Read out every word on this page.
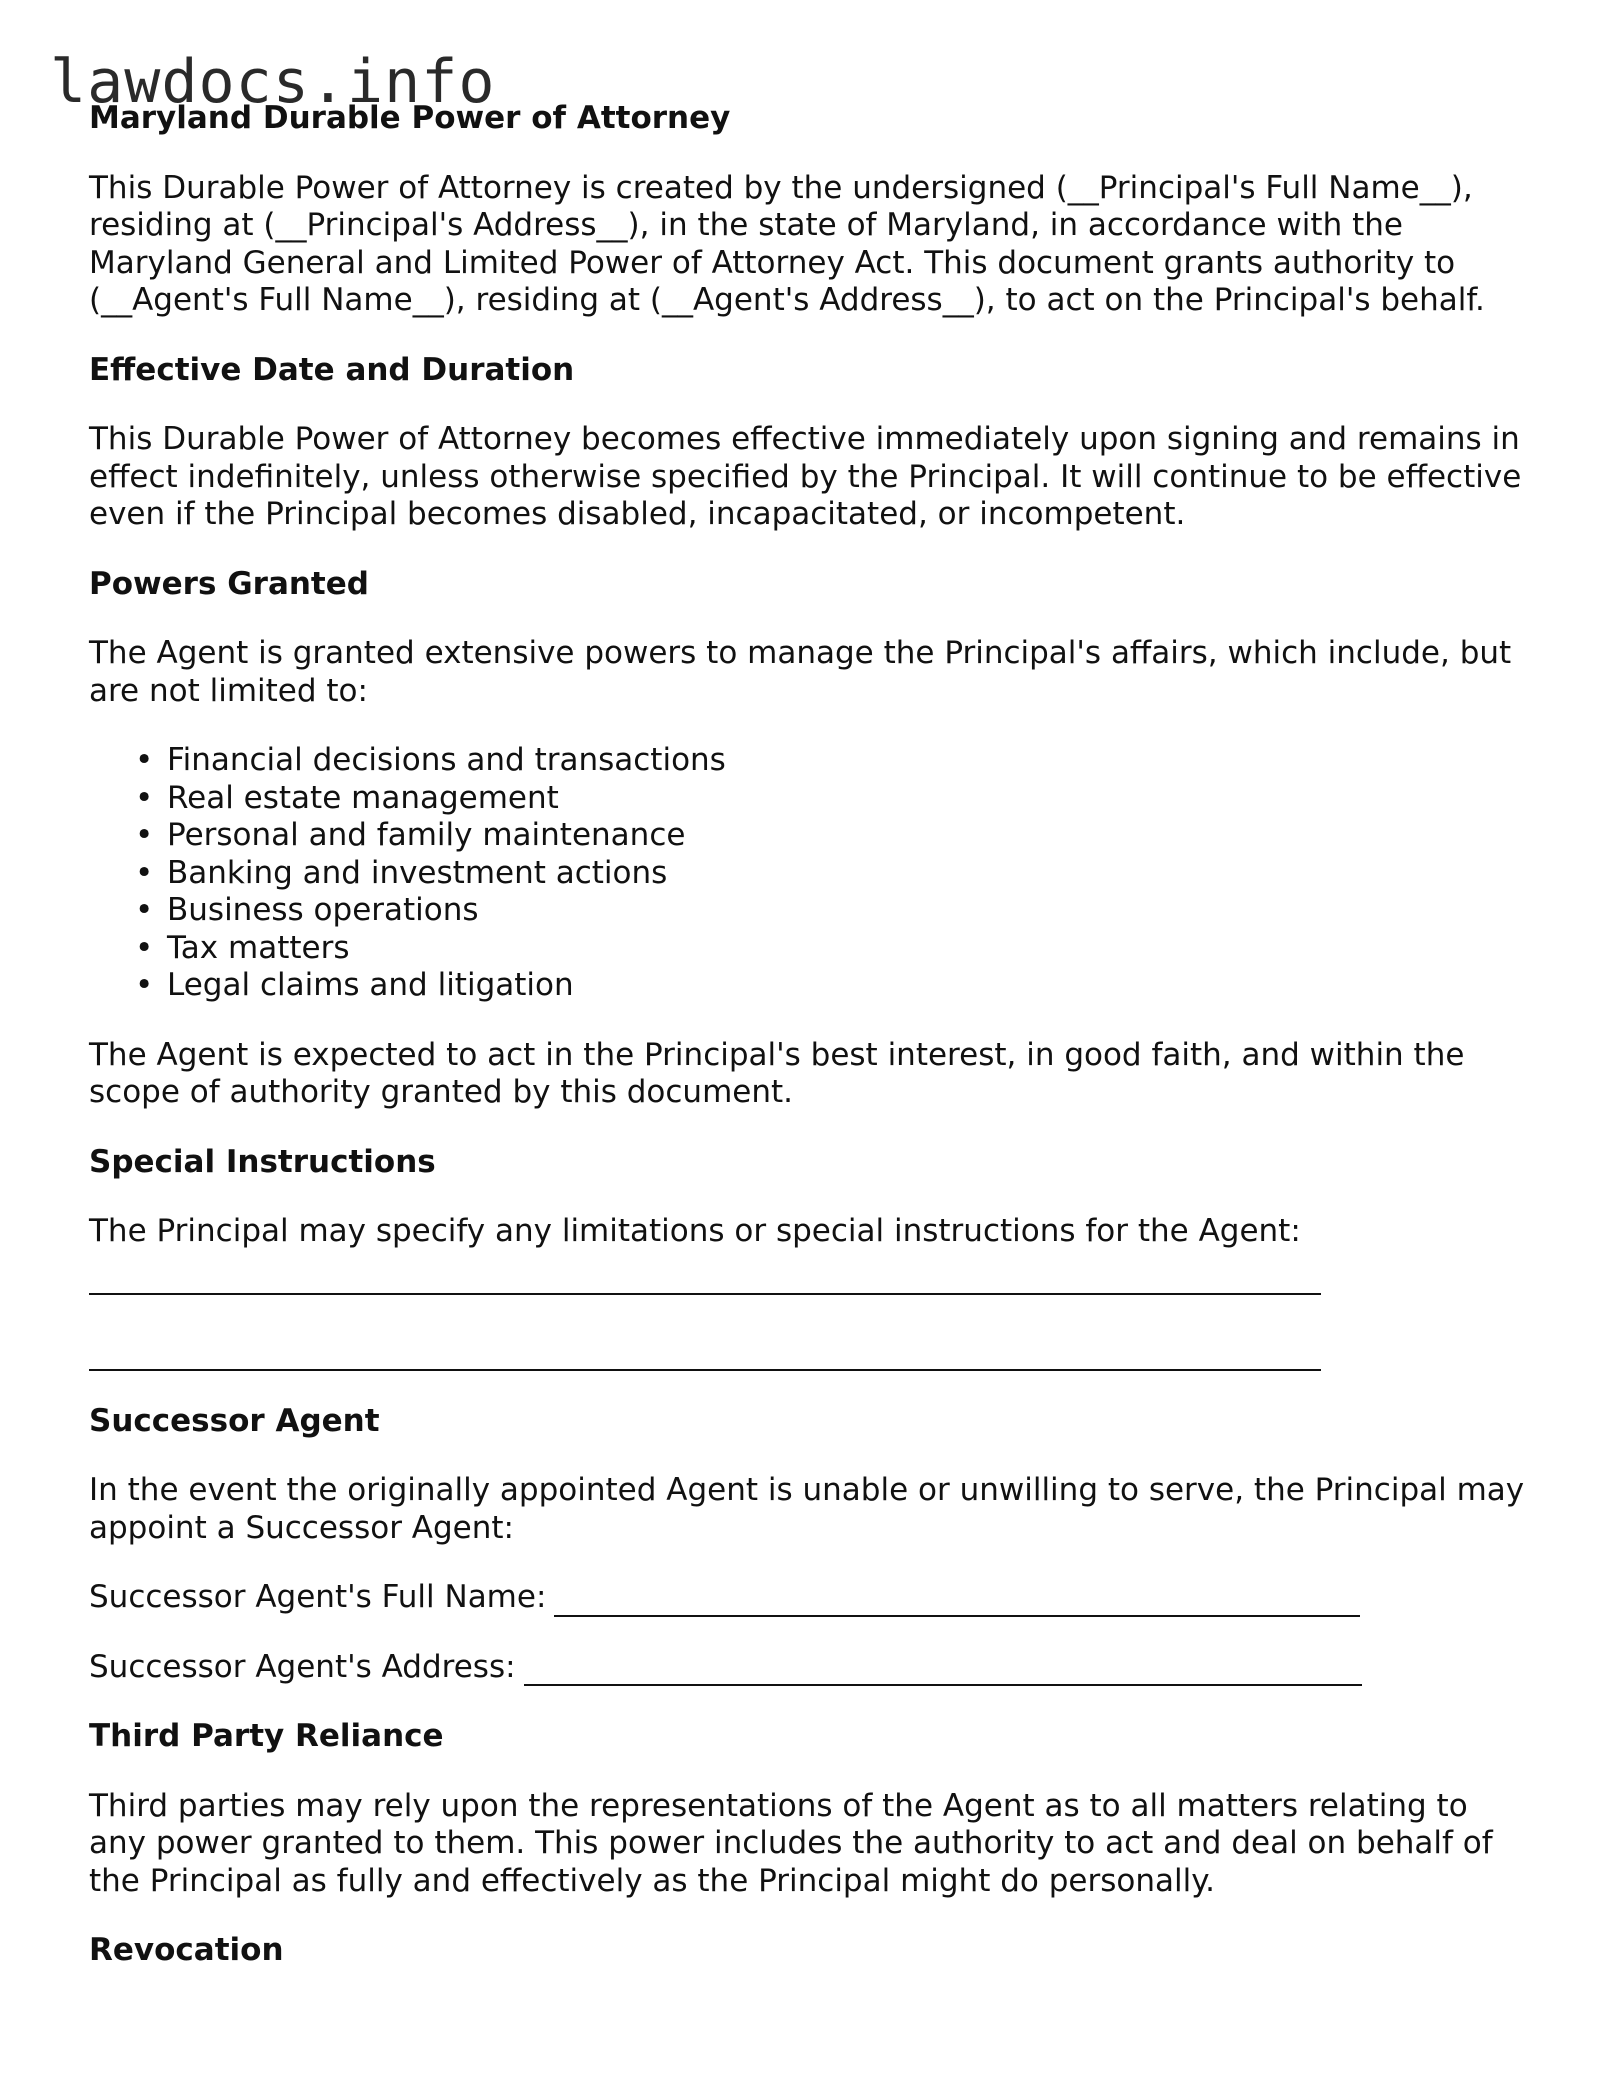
lawdocs.info
Maryland Durable Power of Attorney

This Durable Power of Attorney is created by the undersigned (__Principal's Full Name__), residing at (__Principal's Address__), in the state of Maryland, in accordance with the Maryland General and Limited Power of Attorney Act. This document grants authority to (__Agent's Full Name__), residing at (__Agent's Address__), to act on the Principal's behalf.

Effective Date and Duration

This Durable Power of Attorney becomes effective immediately upon signing and remains in effect indefinitely, unless otherwise specified by the Principal. It will continue to be effective even if the Principal becomes disabled, incapacitated, or incompetent.

Powers Granted

The Agent is granted extensive powers to manage the Principal's affairs, which include, but are not limited to:

• Financial decisions and transactions
• Real estate management
• Personal and family maintenance
• Banking and investment actions
• Business operations
• Tax matters
• Legal claims and litigation

The Agent is expected to act in the Principal's best interest, in good faith, and within the scope of authority granted by this document.

Special Instructions

The Principal may specify any limitations or special instructions for the Agent:

Successor Agent

In the event the originally appointed Agent is unable or unwilling to serve, the Principal may appoint a Successor Agent:

Successor Agent's Full Name:
Successor Agent's Address:
Third Party Reliance

Third parties may rely upon the representations of the Agent as to all matters relating to any power granted to them. This power includes the authority to act and deal on behalf of the Principal as fully and effectively as the Principal might do personally.

Revocation
